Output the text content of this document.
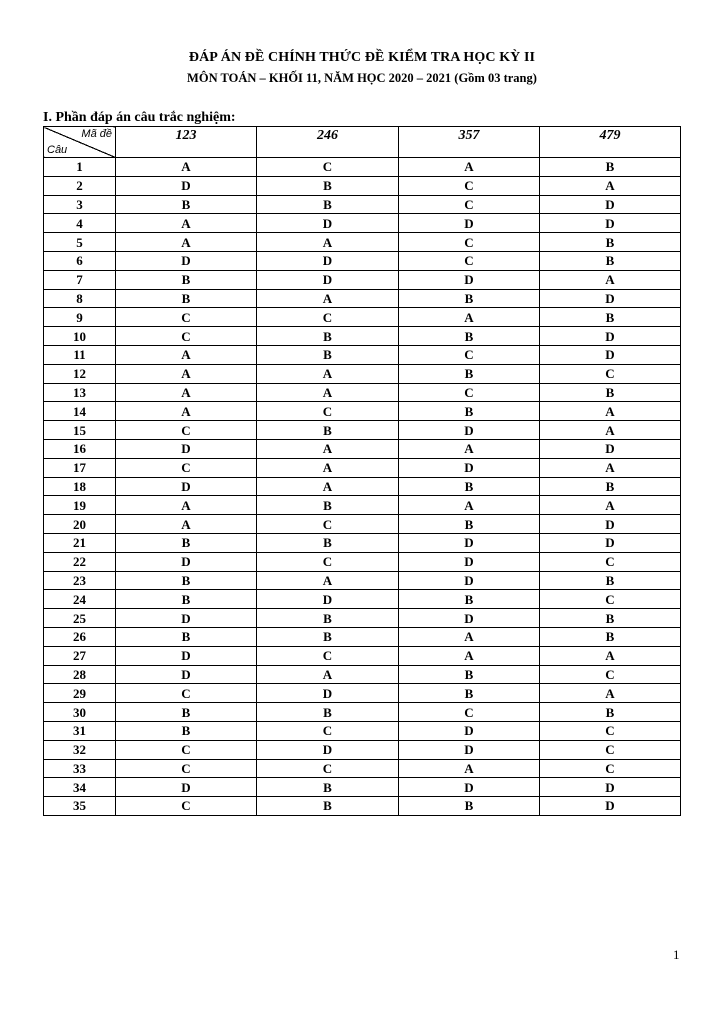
ĐÁP ÁN ĐỀ CHÍNH THỨC ĐỀ KIỂM TRA HỌC KỲ II
MÔN TOÁN – KHỐI 11, NĂM HỌC 2020 – 2021 (Gồm 03 trang)
I. Phần đáp án câu trắc nghiệm:
Mã đề
Câu	123	246	357	479
1	A	C	A	B
2	D	B	C	A
3	B	B	C	D
4	A	D	D	D
5	A	A	C	B
6	D	D	C	B
7	B	D	D	A
8	B	A	B	D
9	C	C	A	B
10	C	B	B	D
11	A	B	C	D
12	A	A	B	C
13	A	A	C	B
14	A	C	B	A
15	C	B	D	A
16	D	A	A	D
17	C	A	D	A
18	D	A	B	B
19	A	B	A	A
20	A	C	B	D
21	B	B	D	D
22	D	C	D	C
23	B	A	D	B
24	B	D	B	C
25	D	B	D	B
26	B	B	A	B
27	D	C	A	A
28	D	A	B	C
29	C	D	B	A
30	B	B	C	B
31	B	C	D	C
32	C	D	D	C
33	C	C	A	C
34	D	B	D	D
35	C	B	B	D
1
